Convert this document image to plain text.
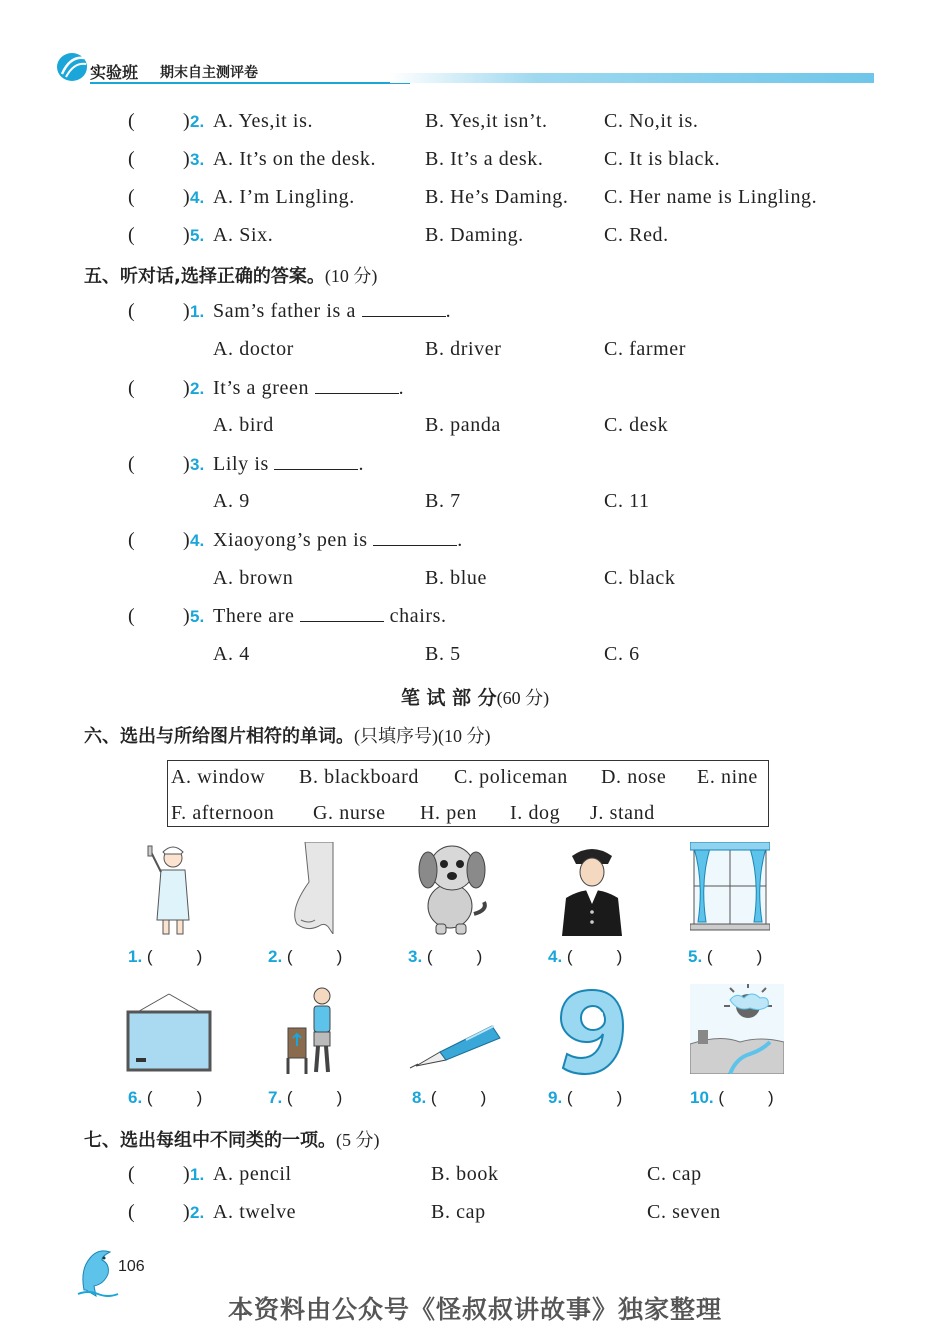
实验班 期末自主测评卷
( ) 2. A. Yes,it is.	B. Yes,it isn’t.	C. No,it is.
( ) 3. A. It’s on the desk. B. It’s a desk.	C. It is black.
( ) 4. A. I’m Lingling.	B. He’s Daming. C. Her name is Lingling.
( ) 5. A. Six.	B. Daming.	C. Red.
五、听对话,选择正确的答案。(10 分)
( ) 1. Sam’s father is a	.
A. doctor	B. driver	C. farmer
( ) 2. It’s a green	.
A. bird	B. panda	C. desk
( ) 3. Lily is	.
A. 9	B. 7	C. 11
( ) 4. Xiaoyong’s pen is	.
A. brown	B. blue	C. black
( ) 5. There are	chairs.
A. 4	B. 5	C. 6
笔 试 部 分(60 分)
六、选出与所给图片相符的单词。(只填序号)(10 分)
A. window B. blackboard C. policeman D. nose E. nine
F. afternoon G. nurse H. pen I. dog J. stand
1. (	)	2. (	)	3. (	)	4. (	)	5. (	)
6. (	)	7. (	)	8. (	)	9. (	)	10. (	)
七、选出每组中不同类的一项。(5 分)
( ) 1. A. pencil	B. book	C. cap
( ) 2. A. twelve	B. cap	C. seven
106
本资料由公众号《怪叔叔讲故事》独家整理
